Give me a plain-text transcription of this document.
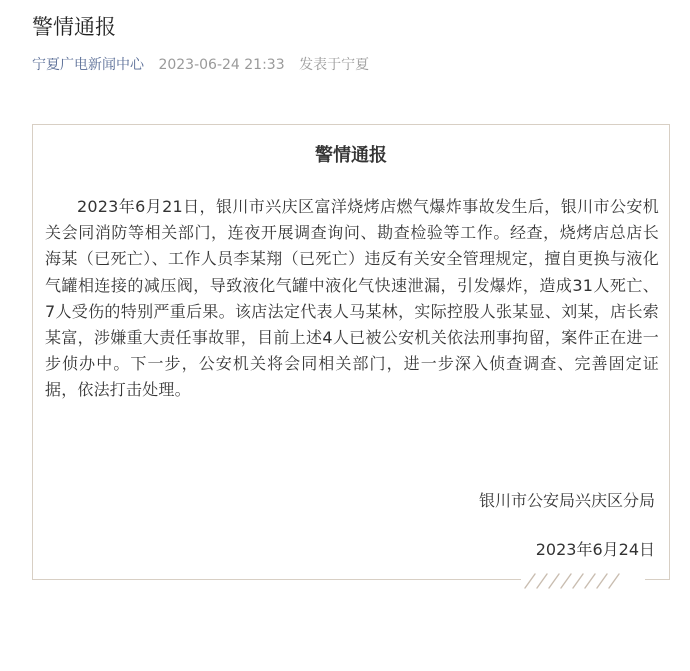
警情通报
宁夏广电新闻中心 2023-06-24 21:33 发表于宁夏
警情通报

2023年6月21日，银川市兴庆区富洋烧烤店燃气爆炸事故发生后，银川市公安机关会同消防等相关部门，连夜开展调查询问、勘查检验等工作。经查，烧烤店总店长海某（已死亡）、工作人员李某翔（已死亡）违反有关安全管理规定，擅自更换与液化气罐相连接的减压阀，导致液化气罐中液化气快速泄漏，引发爆炸，造成31人死亡、7人受伤的特别严重后果。该店法定代表人马某林，实际控股人张某显、刘某，店长索某富，涉嫌重大责任事故罪，目前上述4人已被公安机关依法刑事拘留，案件正在进一步侦办中。下一步，公安机关将会同相关部门，进一步深入侦查调查、完善固定证据，依法打击处理。

银川市公安局兴庆区分局
2023年6月24日
